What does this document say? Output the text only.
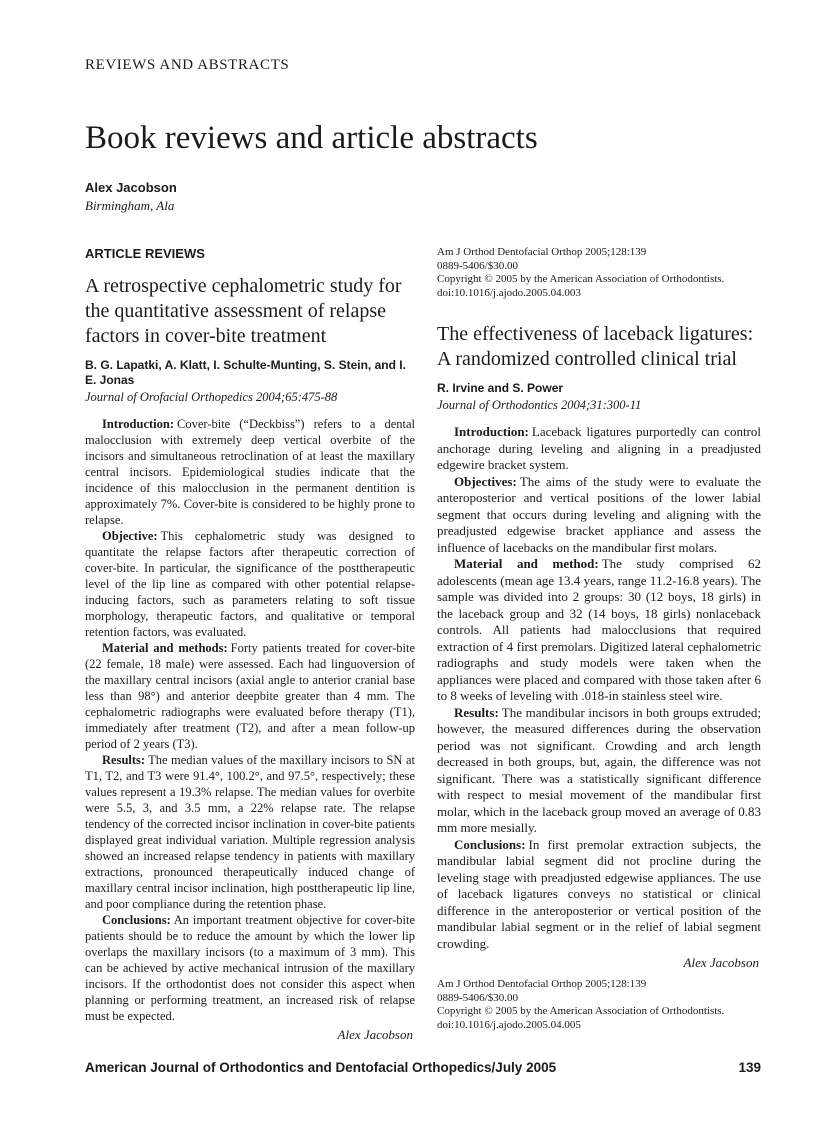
REVIEWS AND ABSTRACTS
Book reviews and article abstracts
Alex Jacobson
Birmingham, Ala
ARTICLE REVIEWS
A retrospective cephalometric study for the quantitative assessment of relapse factors in cover-bite treatment
B. G. Lapatki, A. Klatt, I. Schulte-Munting, S. Stein, and I. E. Jonas
Journal of Orofacial Orthopedics 2004;65:475-88

Introduction: Cover-bite (“Deckbiss”) refers to a dental malocclusion with extremely deep vertical overbite of the incisors and simultaneous retroclination of at least the maxillary central incisors. Epidemiological studies indicate that the incidence of this malocclusion in the permanent dentition is approximately 7%. Cover-bite is considered to be highly prone to relapse.

Objective: This cephalometric study was designed to quantitate the relapse factors after therapeutic correction of cover-bite. In particular, the significance of the posttherapeutic level of the lip line as compared with other potential relapse-inducing factors, such as parameters relating to soft tissue morphology, therapeutic factors, and qualitative or temporal retention factors, was evaluated.

Material and methods: Forty patients treated for cover-bite (22 female, 18 male) were assessed. Each had linguoversion of the maxillary central incisors (axial angle to anterior cranial base less than 98°) and anterior deepbite greater than 4 mm. The cephalometric radiographs were evaluated before therapy (T1), immediately after treatment (T2), and after a mean follow-up period of 2 years (T3).

Results: The median values of the maxillary incisors to SN at T1, T2, and T3 were 91.4°, 100.2°, and 97.5°, respectively; these values represent a 19.3% relapse. The median values for overbite were 5.5, 3, and 3.5 mm, a 22% relapse rate. The relapse tendency of the corrected incisor inclination in cover-bite patients displayed great individual variation. Multiple regression analysis showed an increased relapse tendency in patients with maxillary extractions, pronounced therapeutically induced change of maxillary central incisor inclination, high posttherapeutic lip line, and poor compliance during the retention phase.

Conclusions: An important treatment objective for cover-bite patients should be to reduce the amount by which the lower lip overlaps the maxillary incisors (to a maximum of 3 mm). This can be achieved by active mechanical intrusion of the maxillary incisors. If the orthodontist does not consider this aspect when planning or performing treatment, an increased risk of relapse must be expected.

Alex Jacobson
Am J Orthod Dentofacial Orthop 2005;128:139
0889-5406/$30.00
Copyright © 2005 by the American Association of Orthodontists.
doi:10.1016/j.ajodo.2005.04.003
The effectiveness of laceback ligatures: A randomized controlled clinical trial
R. Irvine and S. Power
Journal of Orthodontics 2004;31:300-11

Introduction: Laceback ligatures purportedly can control anchorage during leveling and aligning in a preadjusted edgewire bracket system.

Objectives: The aims of the study were to evaluate the anteroposterior and vertical positions of the lower labial segment that occurs during leveling and aligning with the preadjusted edgewise bracket appliance and assess the influence of lacebacks on the mandibular first molars.

Material and method: The study comprised 62 adolescents (mean age 13.4 years, range 11.2-16.8 years). The sample was divided into 2 groups: 30 (12 boys, 18 girls) in the laceback group and 32 (14 boys, 18 girls) nonlaceback controls. All patients had malocclusions that required extraction of 4 first premolars. Digitized lateral cephalometric radiographs and study models were taken when the appliances were placed and compared with those taken after 6 to 8 weeks of leveling with .018-in stainless steel wire.

Results: The mandibular incisors in both groups extruded; however, the measured differences during the observation period was not significant. Crowding and arch length decreased in both groups, but, again, the difference was not significant. There was a statistically significant difference with respect to mesial movement of the mandibular first molar, which in the laceback group moved an average of 0.83 mm more mesially.

Conclusions: In first premolar extraction subjects, the mandibular labial segment did not procline during the leveling stage with preadjusted edgewise appliances. The use of laceback ligatures conveys no statistical or clinical difference in the anteroposterior or vertical position of the mandibular labial segment or in the relief of labial segment crowding.

Alex Jacobson
Am J Orthod Dentofacial Orthop 2005;128:139
0889-5406/$30.00
Copyright © 2005 by the American Association of Orthodontists.
doi:10.1016/j.ajodo.2005.04.005
American Journal of Orthodontics and Dentofacial Orthopedics/July 2005	139
